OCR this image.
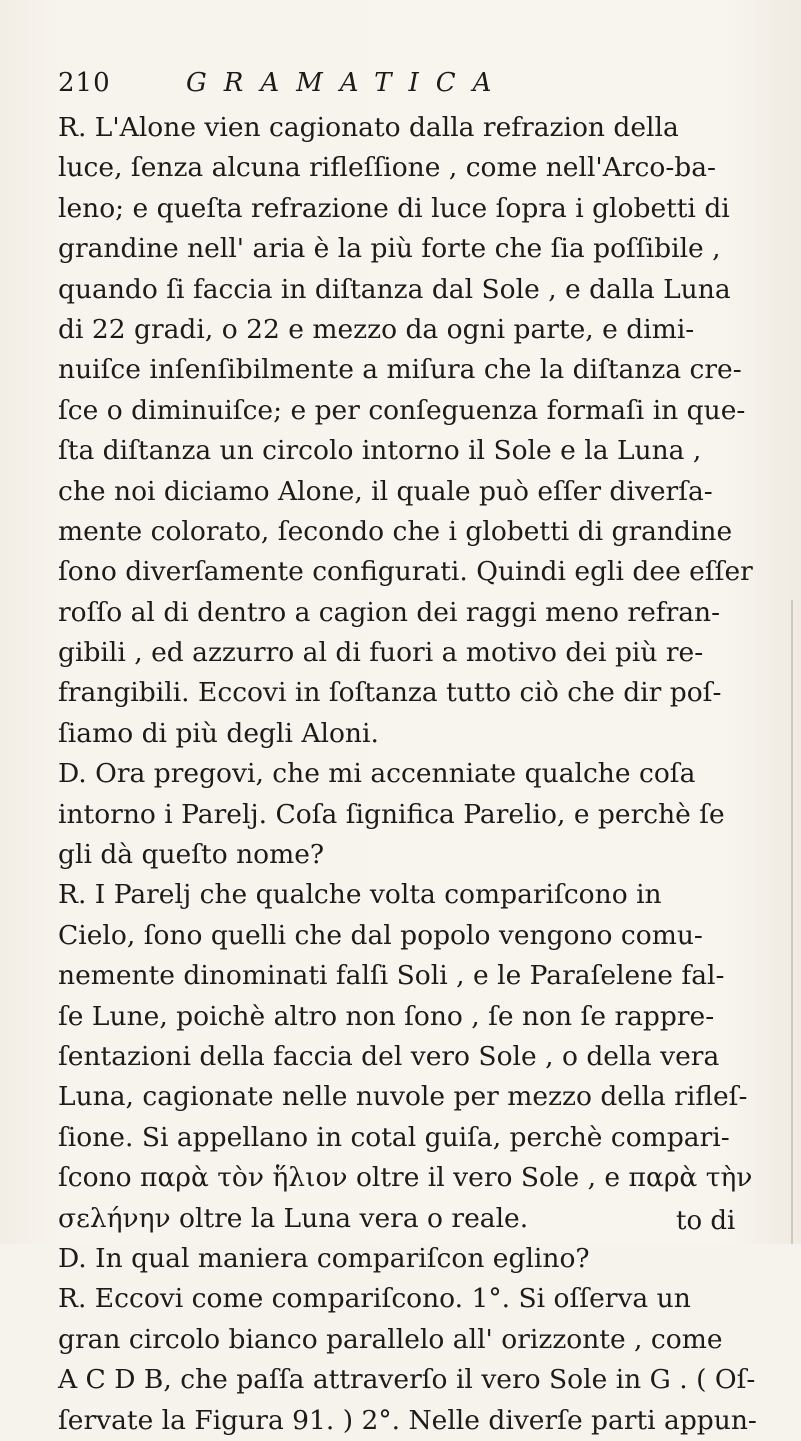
210	GRAMATICA
R. L'Alone vien cagionato dalla refrazion della
luce, ſenza alcuna rifleſſione , come nell'Arco-ba-
leno; e queſta refrazione di luce ſopra i globetti di
grandine nell' aria è la più forte che ſia poſſibile ,
quando ſi faccia in diſtanza dal Sole , e dalla Luna
di 22 gradi, o 22 e mezzo da ogni parte, e dimi-
nuiſce inſenſibilmente a miſura che la diſtanza cre-
ſce o diminuiſce; e per conſeguenza formaſi in que-
ſta diſtanza un circolo intorno il Sole e la Luna ,
che noi diciamo Alone, il quale può eſſer diverſa-
mente colorato, ſecondo che i globetti di grandine
ſono diverſamente configurati. Quindi egli dee eſſer
roſſo al di dentro a cagion dei raggi meno refran-
gibili , ed azzurro al di fuori a motivo dei più re-
frangibili. Eccovi in ſoſtanza tutto ciò che dir poſ-
ſiamo di più degli Aloni.
D. Ora pregovi, che mi accenniate qualche coſa
intorno i Parelj. Coſa ſignifica Parelio, e perchè ſe
gli dà queſto nome?
R. I Parelj che qualche volta compariſcono in
Cielo, ſono quelli che dal popolo vengono comu-
nemente dinominati falſi Soli , e le Paraſelene fal-
ſe Lune, poichè altro non ſono , ſe non ſe rappre-
ſentazioni della faccia del vero Sole , o della vera
Luna, cagionate nelle nuvole per mezzo della rifleſ-
ſione. Si appellano in cotal guiſa, perchè compari-
ſcono παρὰ τὸν ἥλιον oltre il vero Sole , e παρὰ τὴν
σελήνην oltre la Luna vera o reale.
D. In qual maniera compariſcon eglino?
R. Eccovi come compariſcono. 1°. Si oſſerva un
gran circolo bianco parallelo all' orizzonte , come
A C D B, che paſſa attraverſo il vero Sole in G . ( Oſ-
ſervate la Figura 91. ) 2°. Nelle diverſe parti appun-
to di
